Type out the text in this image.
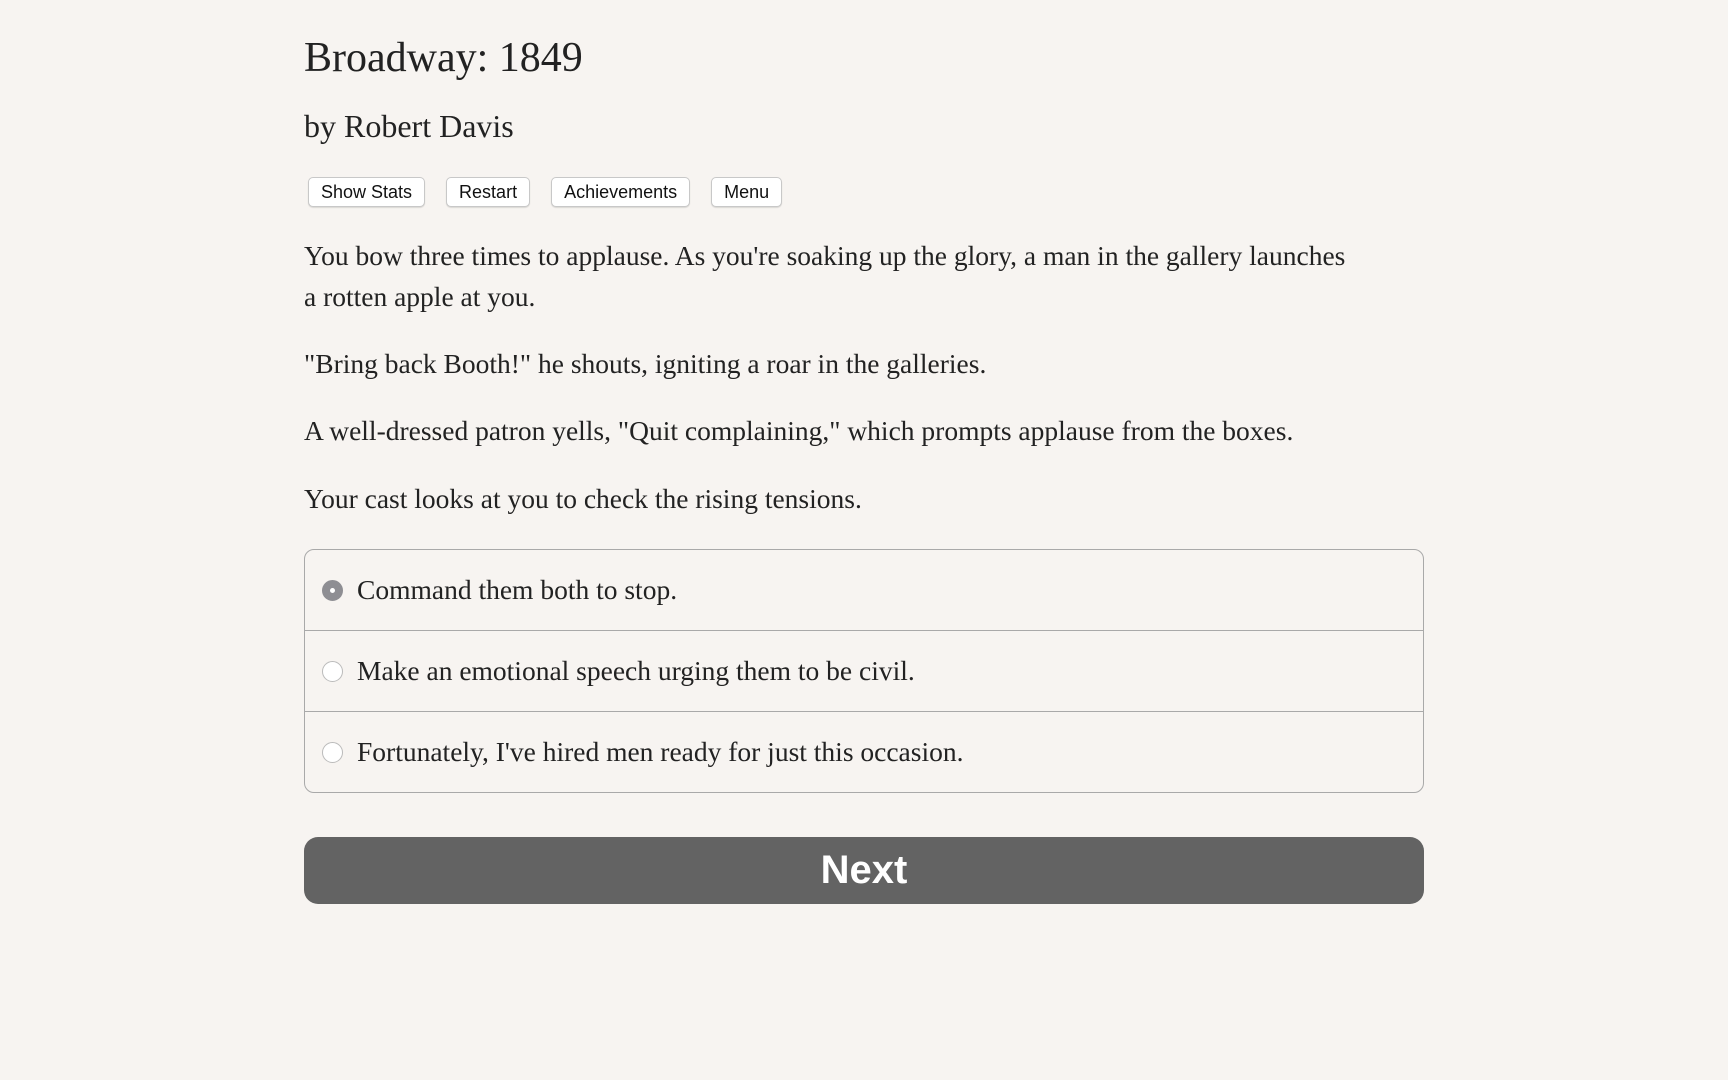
Broadway: 1849
by Robert Davis
Show Stats	Restart	Achievements	Menu
You bow three times to applause. As you're soaking up the glory, a man in the gallery launches a rotten apple at you.
"Bring back Booth!" he shouts, igniting a roar in the galleries.
A well-dressed patron yells, "Quit complaining," which prompts applause from the boxes.
Your cast looks at you to check the rising tensions.
Command them both to stop.
Make an emotional speech urging them to be civil.
Fortunately, I've hired men ready for just this occasion.
Next
